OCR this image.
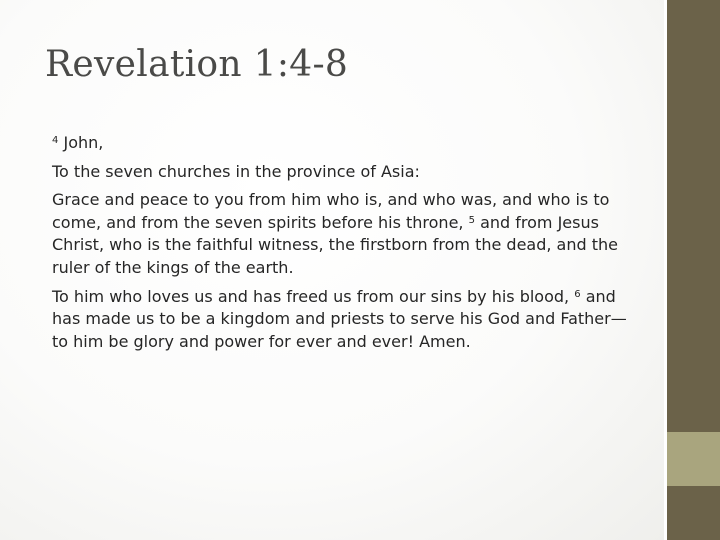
Revelation 1:4-8

$^4$ John,

To the seven churches in the province of Asia:

Grace and peace to you from him who is, and who was, and who is to come, and from the seven spirits before his throne, $^5$ and from Jesus Christ, who is the faithful witness, the firstborn from the dead, and the ruler of the kings of the earth.

To him who loves us and has freed us from our sins by his blood, $^6$ and has made us to be a kingdom and priests to serve his God and Father—to him be glory and power for ever and ever! Amen.
